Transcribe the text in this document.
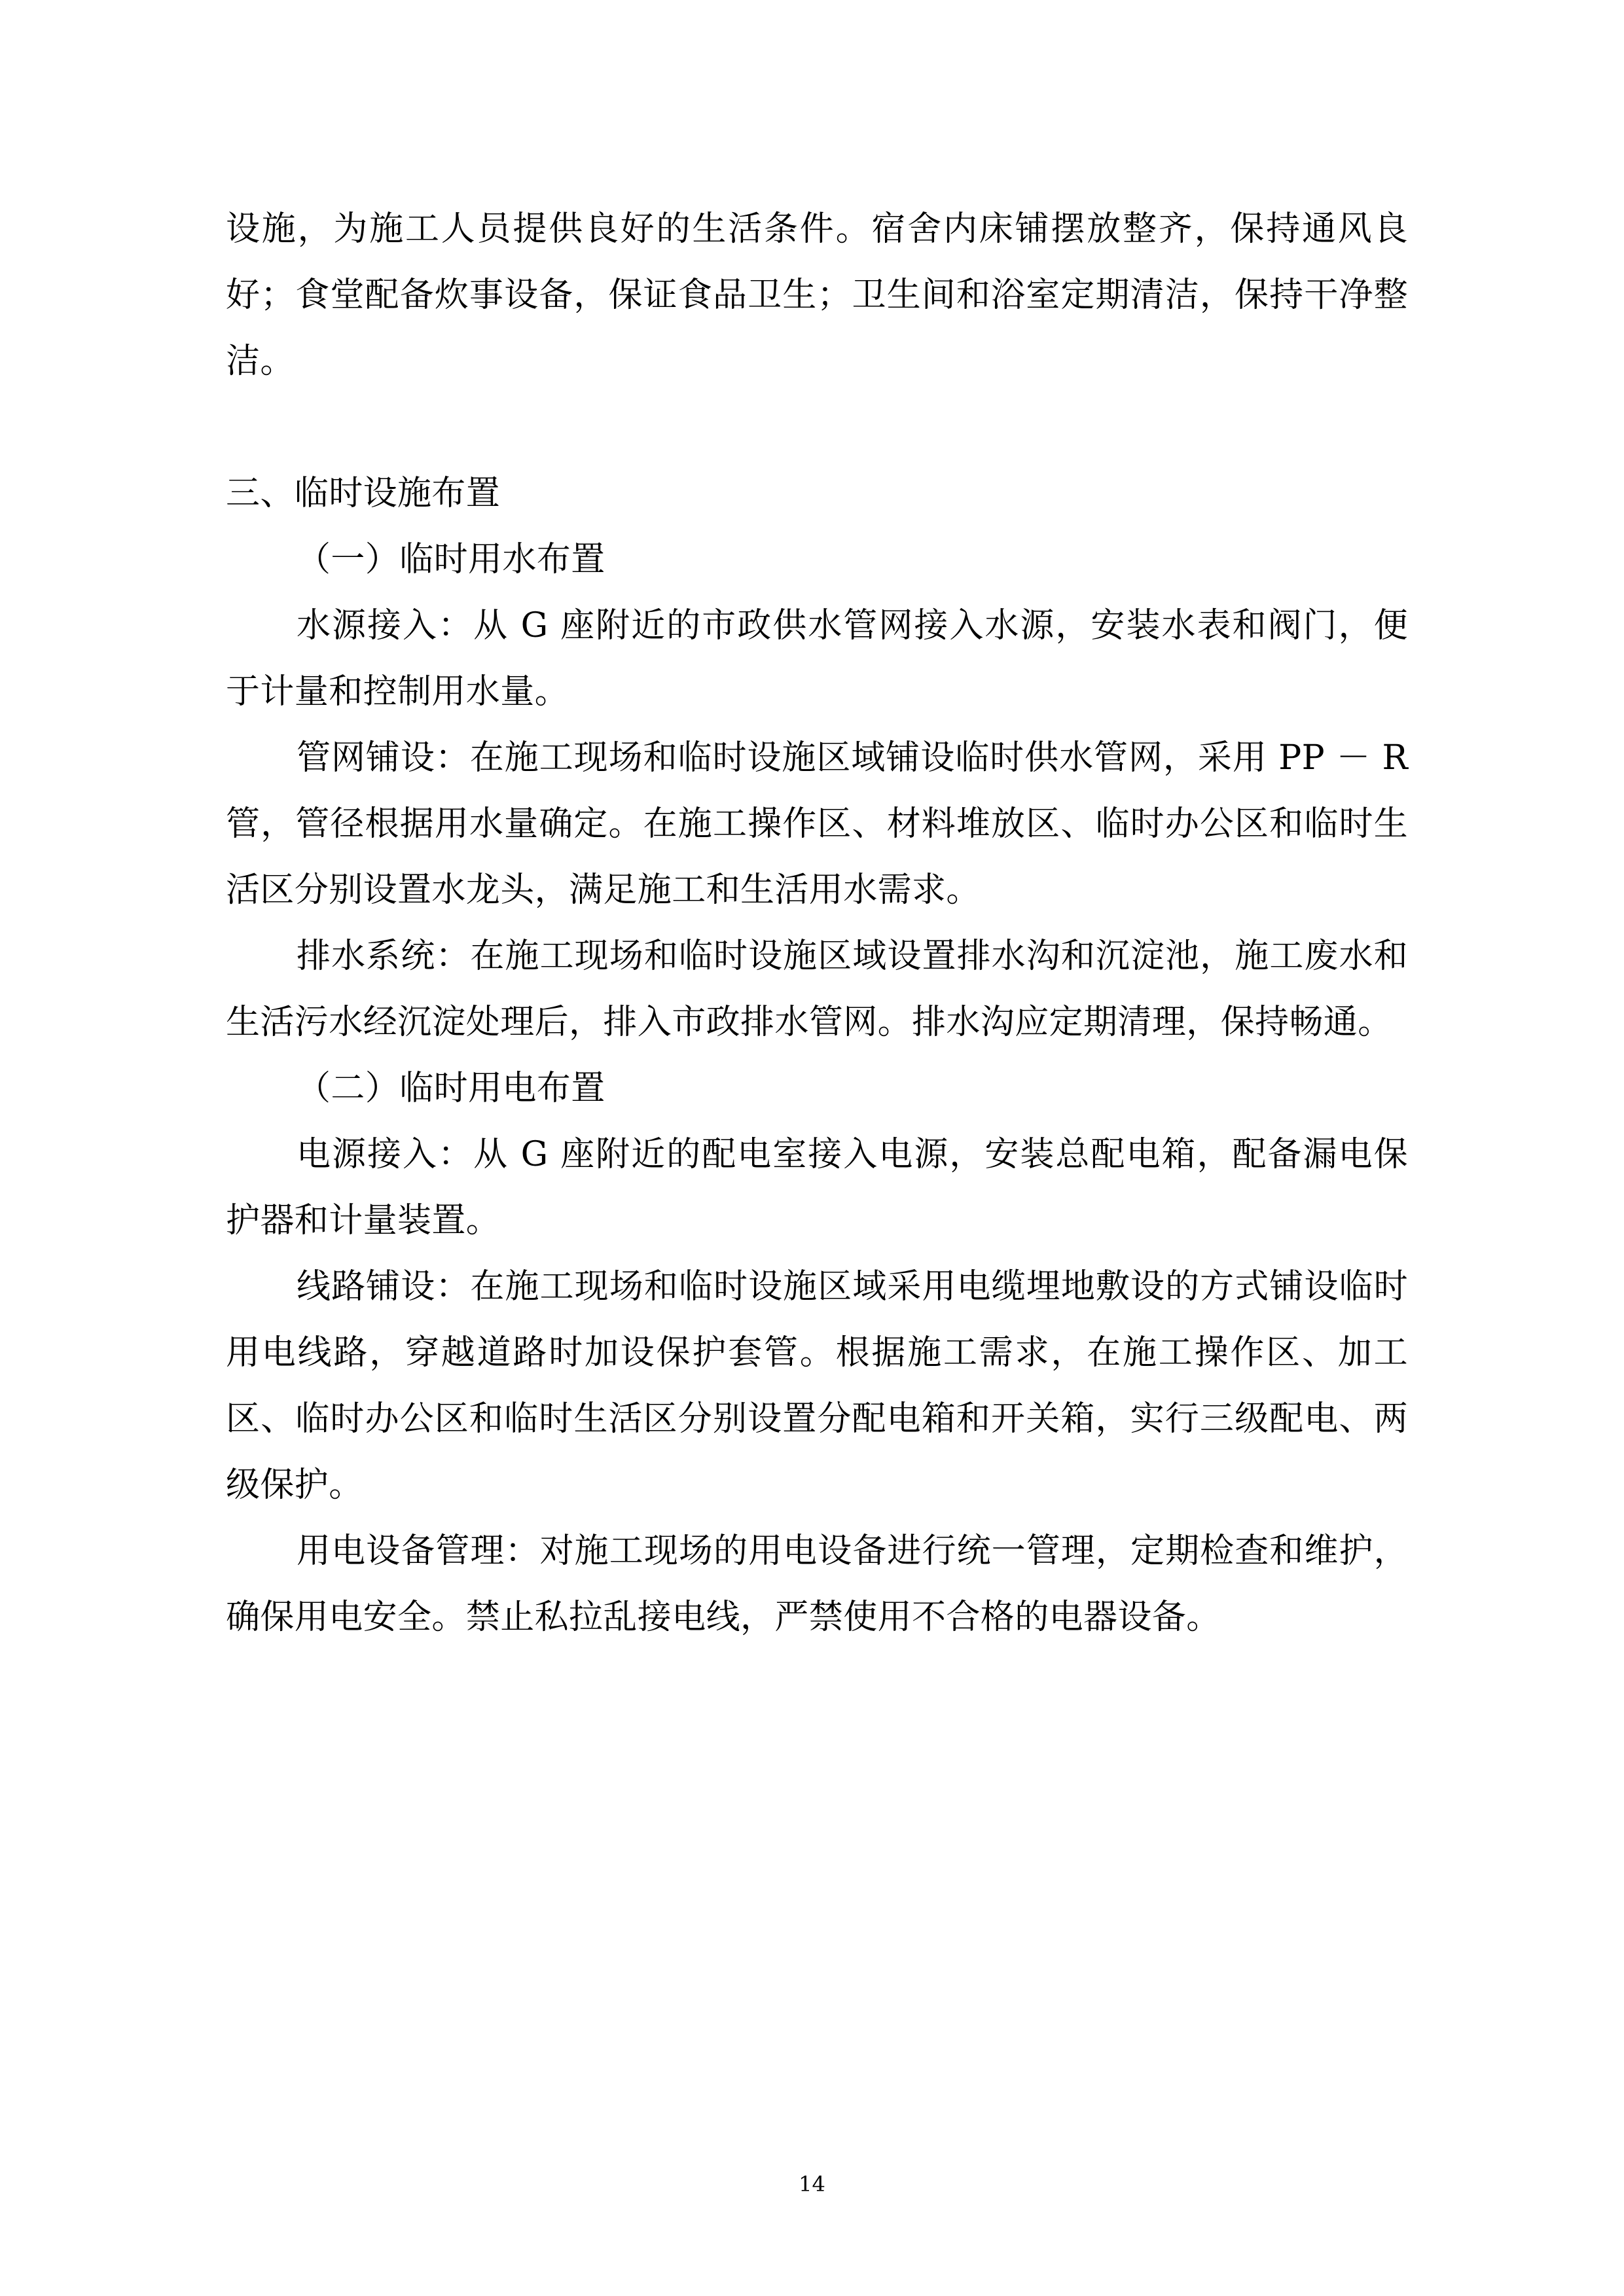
设施，为施工人员提供良好的生活条件。宿舍内床铺摆放整齐，保持通风良好；食堂配备炊事设备，保证食品卫生；卫生间和浴室定期清洁，保持干净整洁。

三、临时设施布置

（一）临时用水布置

水源接入：从 G 座附近的市政供水管网接入水源，安装水表和阀门，便于计量和控制用水量。

管网铺设：在施工现场和临时设施区域铺设临时供水管网，采用 PP － R 管，管径根据用水量确定。在施工操作区、材料堆放区、临时办公区和临时生活区分别设置水龙头，满足施工和生活用水需求。

排水系统：在施工现场和临时设施区域设置排水沟和沉淀池，施工废水和生活污水经沉淀处理后，排入市政排水管网。排水沟应定期清理，保持畅通。

（二）临时用电布置

电源接入：从 G 座附近的配电室接入电源，安装总配电箱，配备漏电保护器和计量装置。

线路铺设：在施工现场和临时设施区域采用电缆埋地敷设的方式铺设临时用电线路，穿越道路时加设保护套管。根据施工需求，在施工操作区、加工区、临时办公区和临时生活区分别设置分配电箱和开关箱，实行三级配电、两级保护。

用电设备管理：对施工现场的用电设备进行统一管理，定期检查和维护，确保用电安全。禁止私拉乱接电线，严禁使用不合格的电器设备。

14
